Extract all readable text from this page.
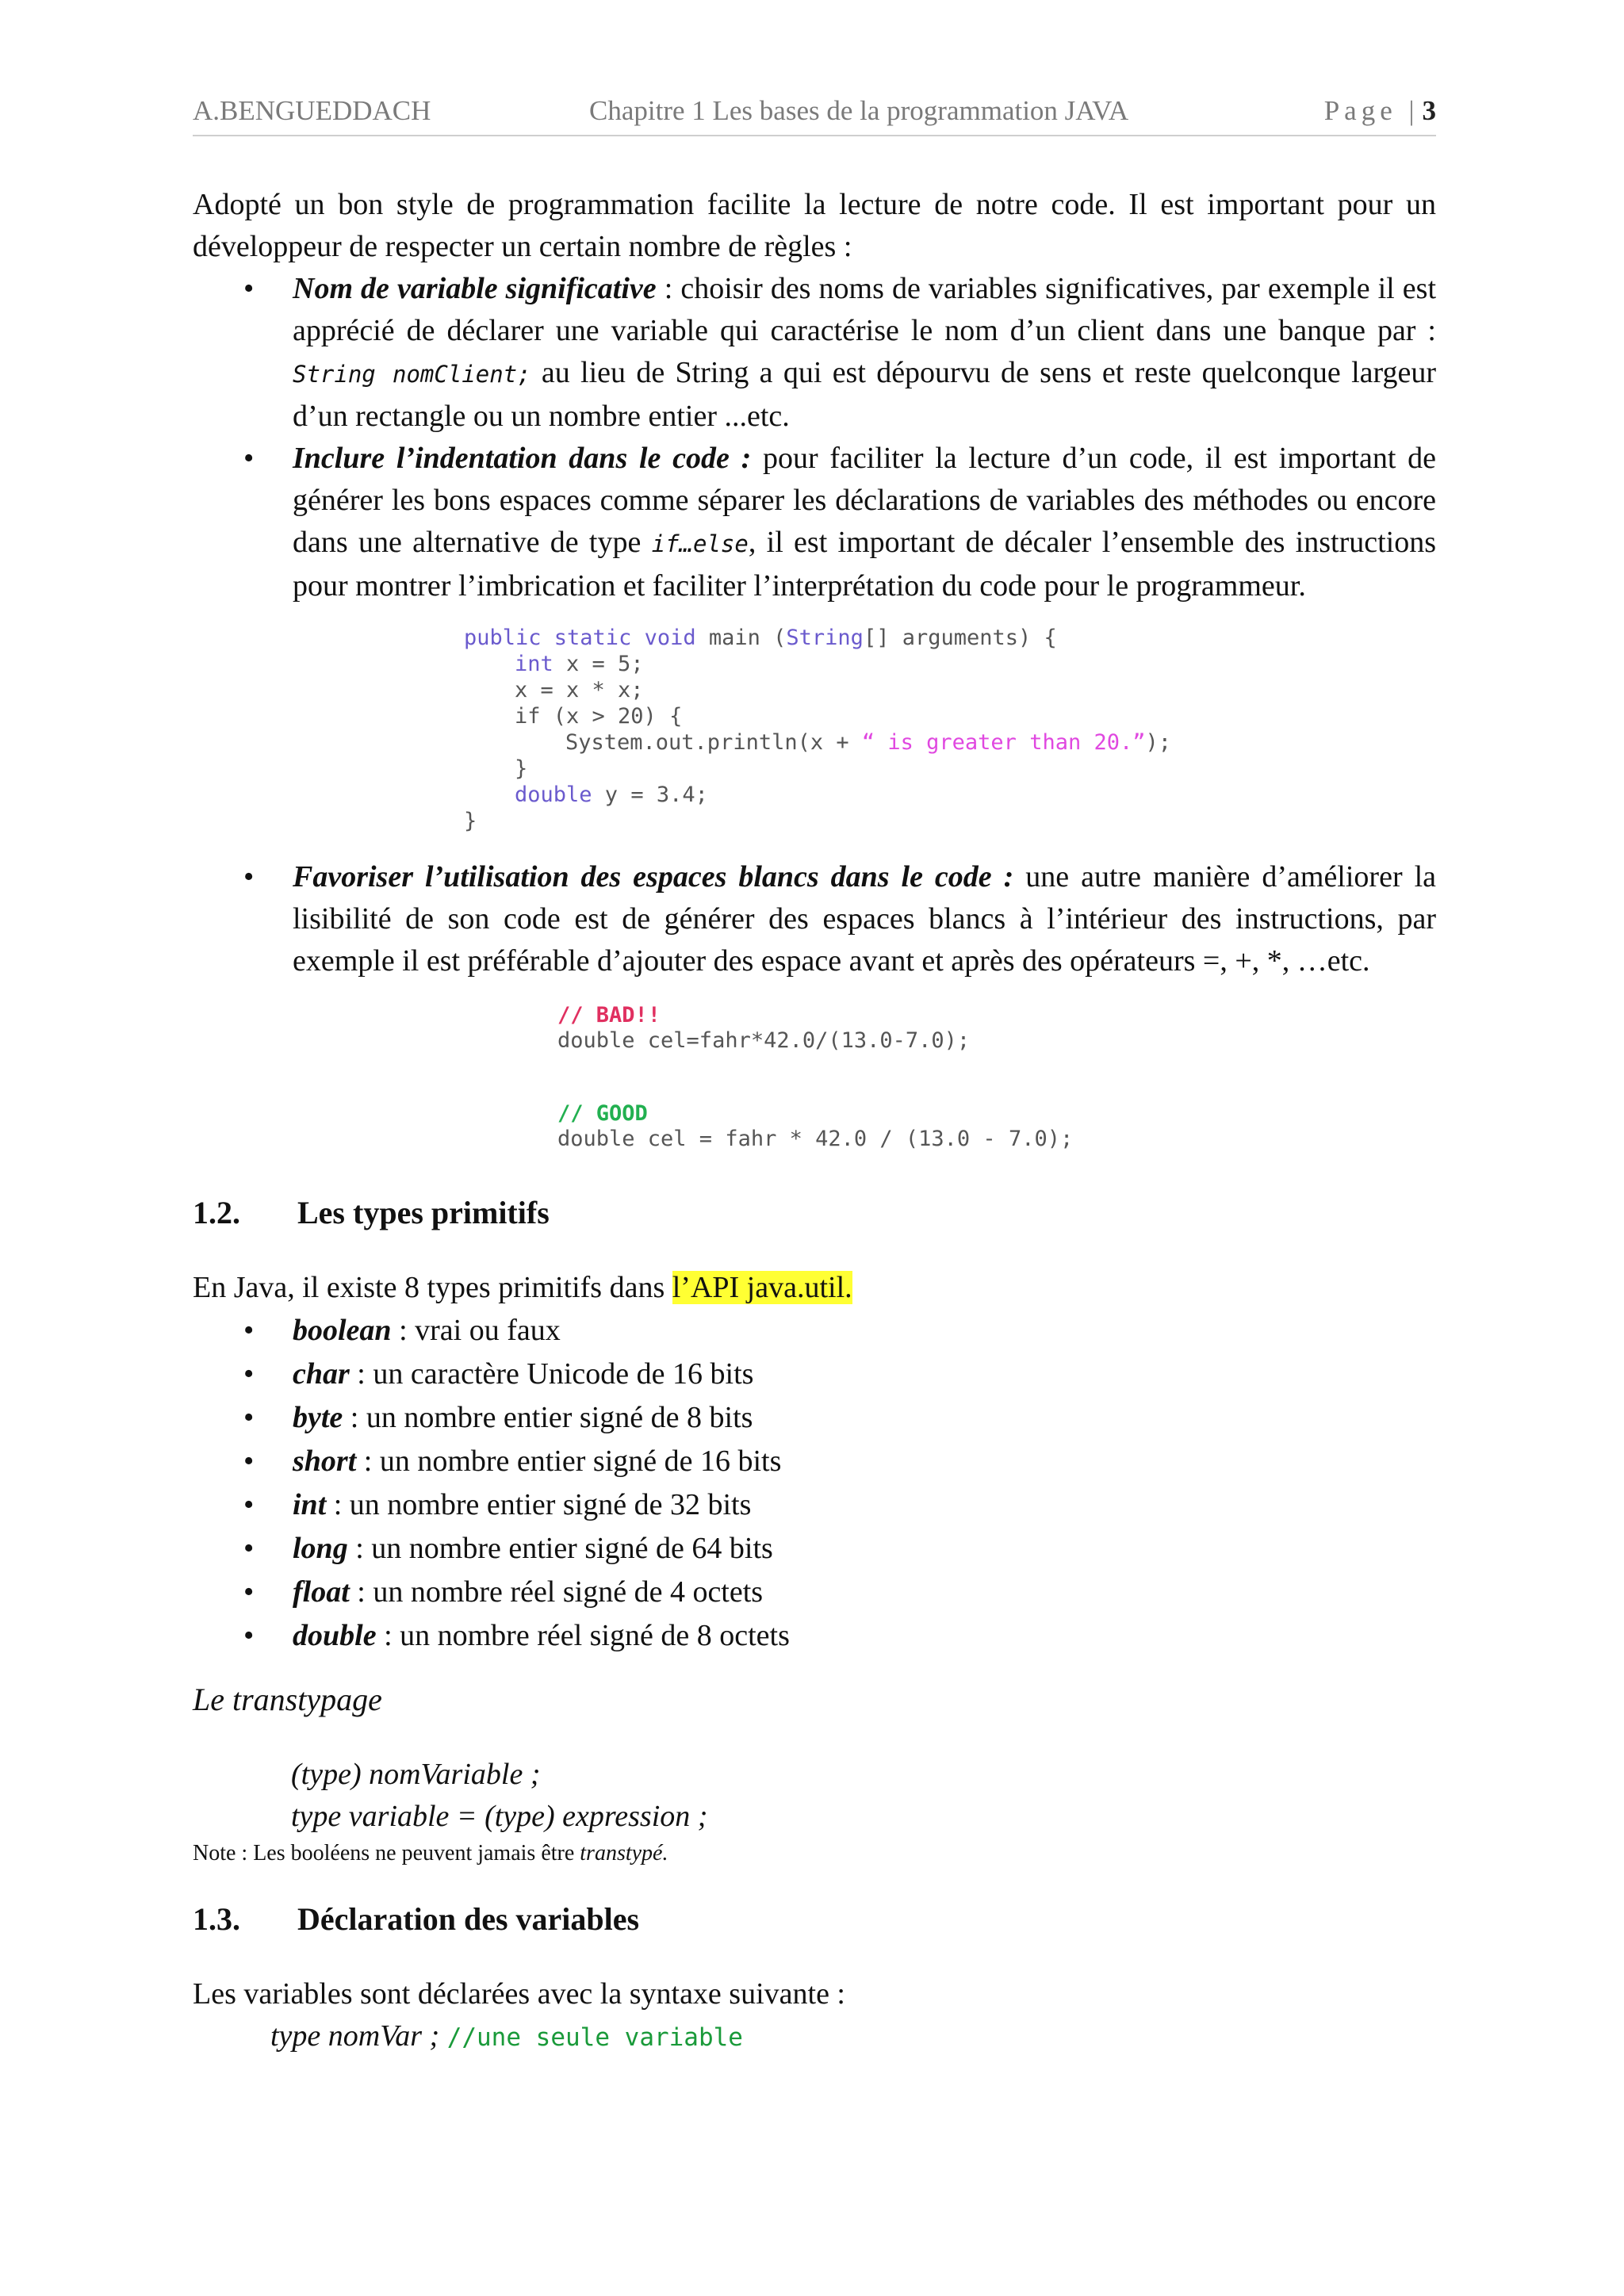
A.BENGUEDDACH	Chapitre 1 Les bases de la programmation JAVA	Page | 3

Adopté un bon style de programmation facilite la lecture de notre code. Il est important pour un développeur de respecter un certain nombre de règles :

• Nom de variable significative : choisir des noms de variables significatives, par exemple il est apprécié de déclarer une variable qui caractérise le nom d’un client dans une banque par : String nomClient; au lieu de String a qui est dépourvu de sens et reste quelconque largeur d’un rectangle ou un nombre entier ...etc.
• Inclure l’indentation dans le code : pour faciliter la lecture d’un code, il est important de générer les bons espaces comme séparer les déclarations de variables des méthodes ou encore dans une alternative de type if…else, il est important de décaler l’ensemble des instructions pour montrer l’imbrication et faciliter l’interprétation du code pour le programmeur.
public static void main (String[] arguments) {
int x = 5;
x = x * x;
if (x > 20) {
System.out.println(x + “ is greater than 20.”);
}
double y = 3.4;
}
• Favoriser l’utilisation des espaces blancs dans le code : une autre manière d’améliorer la lisibilité de son code est de générer des espaces blancs à l’intérieur des instructions, par exemple il est préférable d’ajouter des espace avant et après des opérateurs =, +, *, …etc.
// BAD!!
double cel=fahr*42.0/(13.0-7.0);
// GOOD
double cel = fahr * 42.0 / (13.0 - 7.0);
1.2. Les types primitifs

En Java, il existe 8 types primitifs dans l’API java.util.

• boolean : vrai ou faux
• char : un caractère Unicode de 16 bits
• byte : un nombre entier signé de 8 bits
• short : un nombre entier signé de 16 bits
• int : un nombre entier signé de 32 bits
• long : un nombre entier signé de 64 bits
• float : un nombre réel signé de 4 octets
• double : un nombre réel signé de 8 octets

Le transtypage

(type) nomVariable ;

type variable = (type) expression ;

Note : Les booléens ne peuvent jamais être transtypé.

1.3. Déclaration des variables

Les variables sont déclarées avec la syntaxe suivante :

type nomVar ; //une seule variable
